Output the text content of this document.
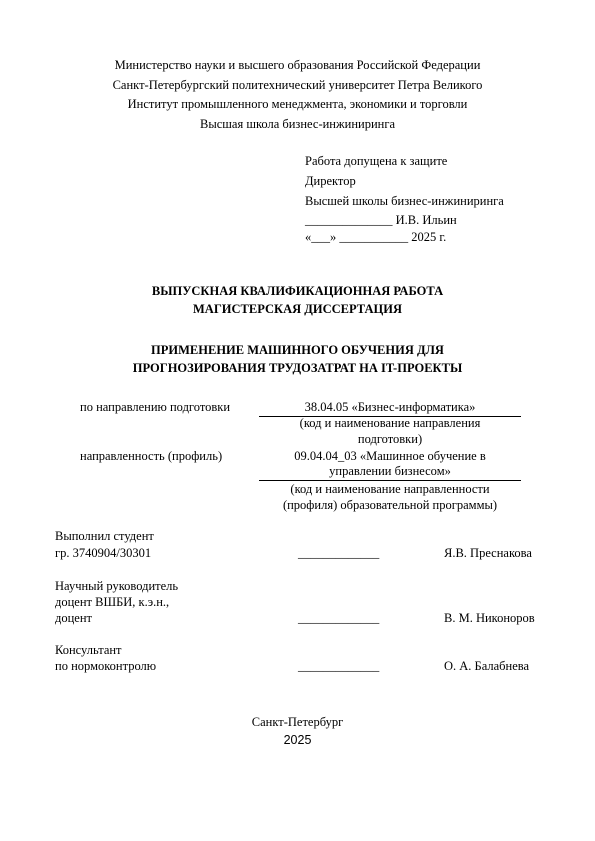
Министерство науки и высшего образования Российской Федерации
Санкт-Петербургский политехнический университет Петра Великого
Институт промышленного менеджмента, экономики и торговли
Высшая школа бизнес-инжиниринга
Работа допущена к защите
Директор
Высшей школы бизнес-инжиниринга
______________ И.В. Ильин
«___» ___________ 2025 г.
ВЫПУСКНАЯ КВАЛИФИКАЦИОННАЯ РАБОТА
МАГИСТЕРСКАЯ ДИССЕРТАЦИЯ
ПРИМЕНЕНИЕ МАШИННОГО ОБУЧЕНИЯ ДЛЯ
ПРОГНОЗИРОВАНИЯ ТРУДОЗАТРАТ НА IT-ПРОЕКТЫ
по направлению подготовки	38.04.05 «Бизнес-информатика»
(код и наименование направления
подготовки)
направленность (профиль)	09.04.04_03 «Машинное обучение в
управлении бизнесом»
(код и наименование направленности
(профиля) образовательной программы)
Выполнил студент
гр. 3740904/30301	_____________	Я.В. Преснакова
Научный руководитель
доцент ВШБИ, к.э.н.,
доцент	_____________	В. М. Никоноров
Консультант
по нормоконтролю	_____________	О. А. Балабнева
Санкт-Петербург
2025
